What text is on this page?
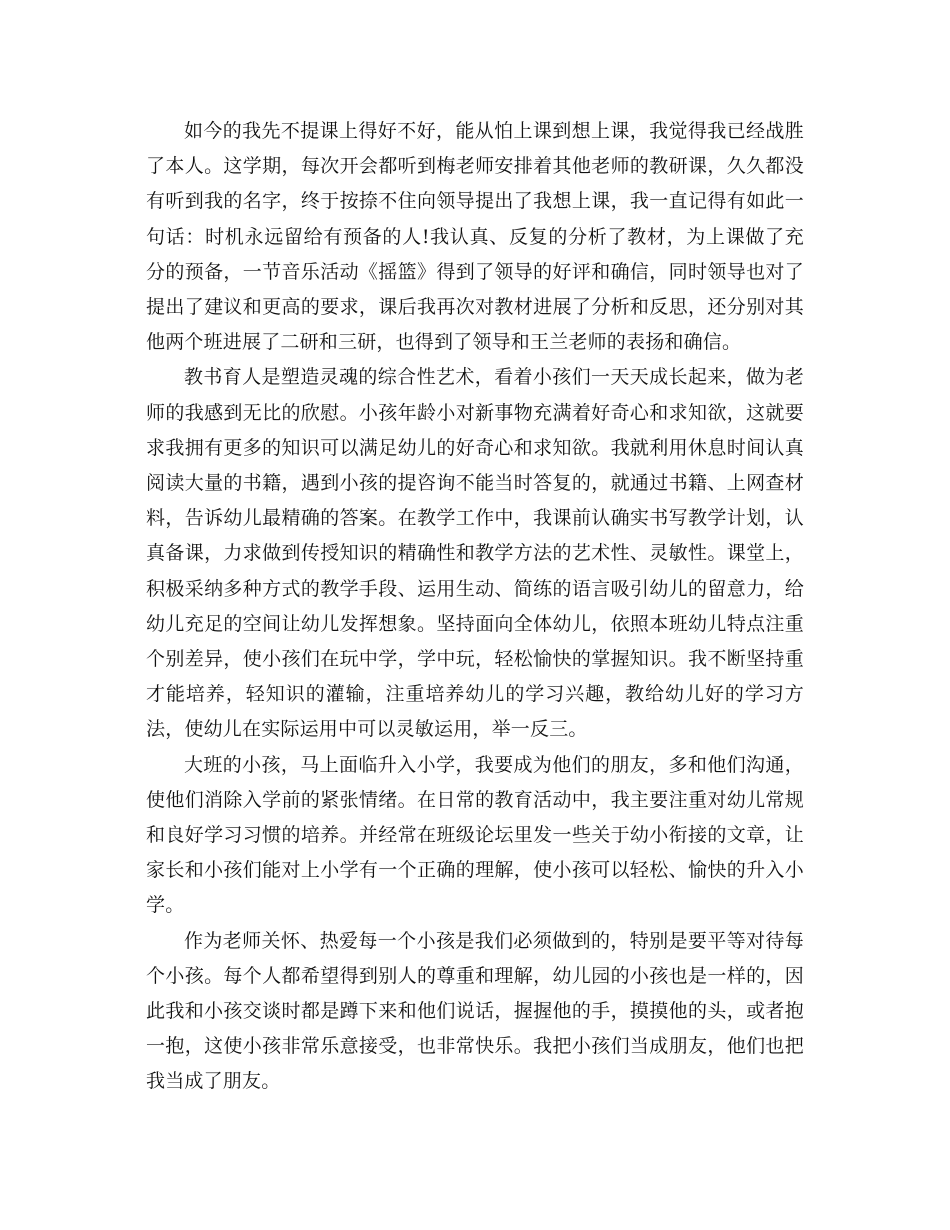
如今的我先不提课上得好不好，能从怕上课到想上课，我觉得我已经战胜了本人。这学期，每次开会都听到梅老师安排着其他老师的教研课，久久都没有听到我的名字，终于按捺不住向领导提出了我想上课，我一直记得有如此一句话：时机永远留给有预备的人!我认真、反复的分析了教材，为上课做了充分的预备，一节音乐活动《摇篮》得到了领导的好评和确信，同时领导也对了提出了建议和更高的要求，课后我再次对教材进展了分析和反思，还分别对其他两个班进展了二研和三研，也得到了领导和王兰老师的表扬和确信。

教书育人是塑造灵魂的综合性艺术，看着小孩们一天天成长起来，做为老师的我感到无比的欣慰。小孩年龄小对新事物充满着好奇心和求知欲，这就要求我拥有更多的知识可以满足幼儿的好奇心和求知欲。我就利用休息时间认真阅读大量的书籍，遇到小孩的提咨询不能当时答复的，就通过书籍、上网查材料，告诉幼儿最精确的答案。在教学工作中，我课前认确实书写教学计划，认真备课，力求做到传授知识的精确性和教学方法的艺术性、灵敏性。课堂上，积极采纳多种方式的教学手段、运用生动、简练的语言吸引幼儿的留意力，给幼儿充足的空间让幼儿发挥想象。坚持面向全体幼儿，依照本班幼儿特点注重个别差异，使小孩们在玩中学，学中玩，轻松愉快的掌握知识。我不断坚持重才能培养，轻知识的灌输，注重培养幼儿的学习兴趣，教给幼儿好的学习方法，使幼儿在实际运用中可以灵敏运用，举一反三。

大班的小孩，马上面临升入小学，我要成为他们的朋友，多和他们沟通，使他们消除入学前的紧张情绪。在日常的教育活动中，我主要注重对幼儿常规和良好学习习惯的培养。并经常在班级论坛里发一些关于幼小衔接的文章，让家长和小孩们能对上小学有一个正确的理解，使小孩可以轻松、愉快的升入小学。

作为老师关怀、热爱每一个小孩是我们必须做到的，特别是要平等对待每个小孩。每个人都希望得到别人的尊重和理解，幼儿园的小孩也是一样的，因此我和小孩交谈时都是蹲下来和他们说话，握握他的手，摸摸他的头，或者抱一抱，这使小孩非常乐意接受，也非常快乐。我把小孩们当成朋友，他们也把我当成了朋友。
